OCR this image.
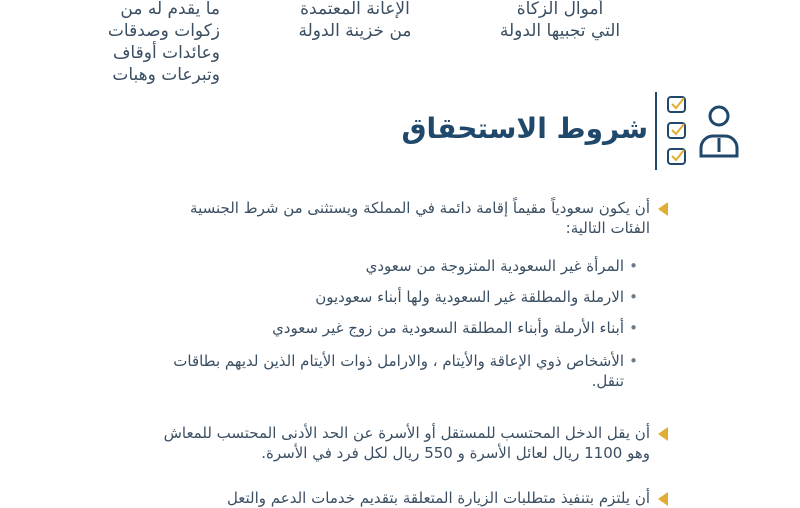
أموال الزكاة

التي تجبيها الدولة

الإعانة المعتمدة

من خزينة الدولة

ما يقدم له من

زكوات وصدقات

وعائدات أوقاف

وتبرعات وهبات

شروط الاستحقاق

أن يكون سعودياً مقيماً إقامة دائمة في المملكة ويستثنى من شرط الجنسية

الفئات التالية:

•

المرأة غير السعودية المتزوجة من سعودي

•

الارملة والمطلقة غير السعودية ولها أبناء سعوديون

•

أبناء الأرملة وأبناء المطلقة السعودية من زوج غير سعودي

•

الأشخاص ذوي الإعاقة والأيتام ، والارامل ذوات الأيتام الذين لديهم بطاقات

تنقل.

أن يقل الدخل المحتسب للمستقل أو الأسرة عن الحد الأدنى المحتسب للمعاش

وهو 1100 ريال لعائل الأسرة و 550 ريال لكل فرد في الأسرة.

أن يلتزم بتنفيذ متطلبات الزيارة المتعلقة بتقديم خدمات الدعم والتعل
